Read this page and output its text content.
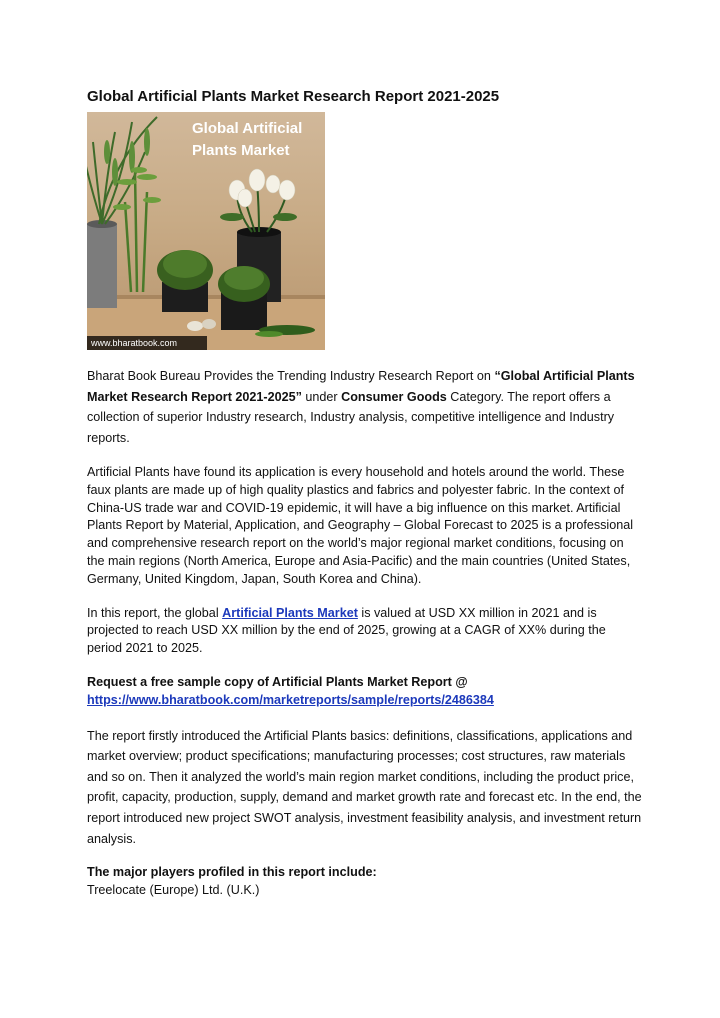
Global Artificial Plants Market Research Report 2021-2025
Global Artificial Plants Market
www.bharatbook.com

Bharat Book Bureau Provides the Trending Industry Research Report on “Global Artificial Plants Market Research Report 2021-2025” under Consumer Goods Category. The report offers a collection of superior Industry research, Industry analysis, competitive intelligence and Industry reports.

Artificial Plants have found its application is every household and hotels around the world. These faux plants are made up of high quality plastics and fabrics and polyester fabric. In the context of China-US trade war and COVID-19 epidemic, it will have a big influence on this market. Artificial Plants Report by Material, Application, and Geography – Global Forecast to 2025 is a professional and comprehensive research report on the world’s major regional market conditions, focusing on the main regions (North America, Europe and Asia-Pacific) and the main countries (United States, Germany, United Kingdom, Japan, South Korea and China).

In this report, the global Artificial Plants Market is valued at USD XX million in 2021 and is projected to reach USD XX million by the end of 2025, growing at a CAGR of XX% during the period 2021 to 2025.

Request a free sample copy of Artificial Plants Market Report @
https://www.bharatbook.com/marketreports/sample/reports/2486384

The report firstly introduced the Artificial Plants basics: definitions, classifications, applications and market overview; product specifications; manufacturing processes; cost structures, raw materials and so on. Then it analyzed the world’s main region market conditions, including the product price, profit, capacity, production, supply, demand and market growth rate and forecast etc. In the end, the report introduced new project SWOT analysis, investment feasibility analysis, and investment return analysis.

The major players profiled in this report include:
Treelocate (Europe) Ltd. (U.K.)
